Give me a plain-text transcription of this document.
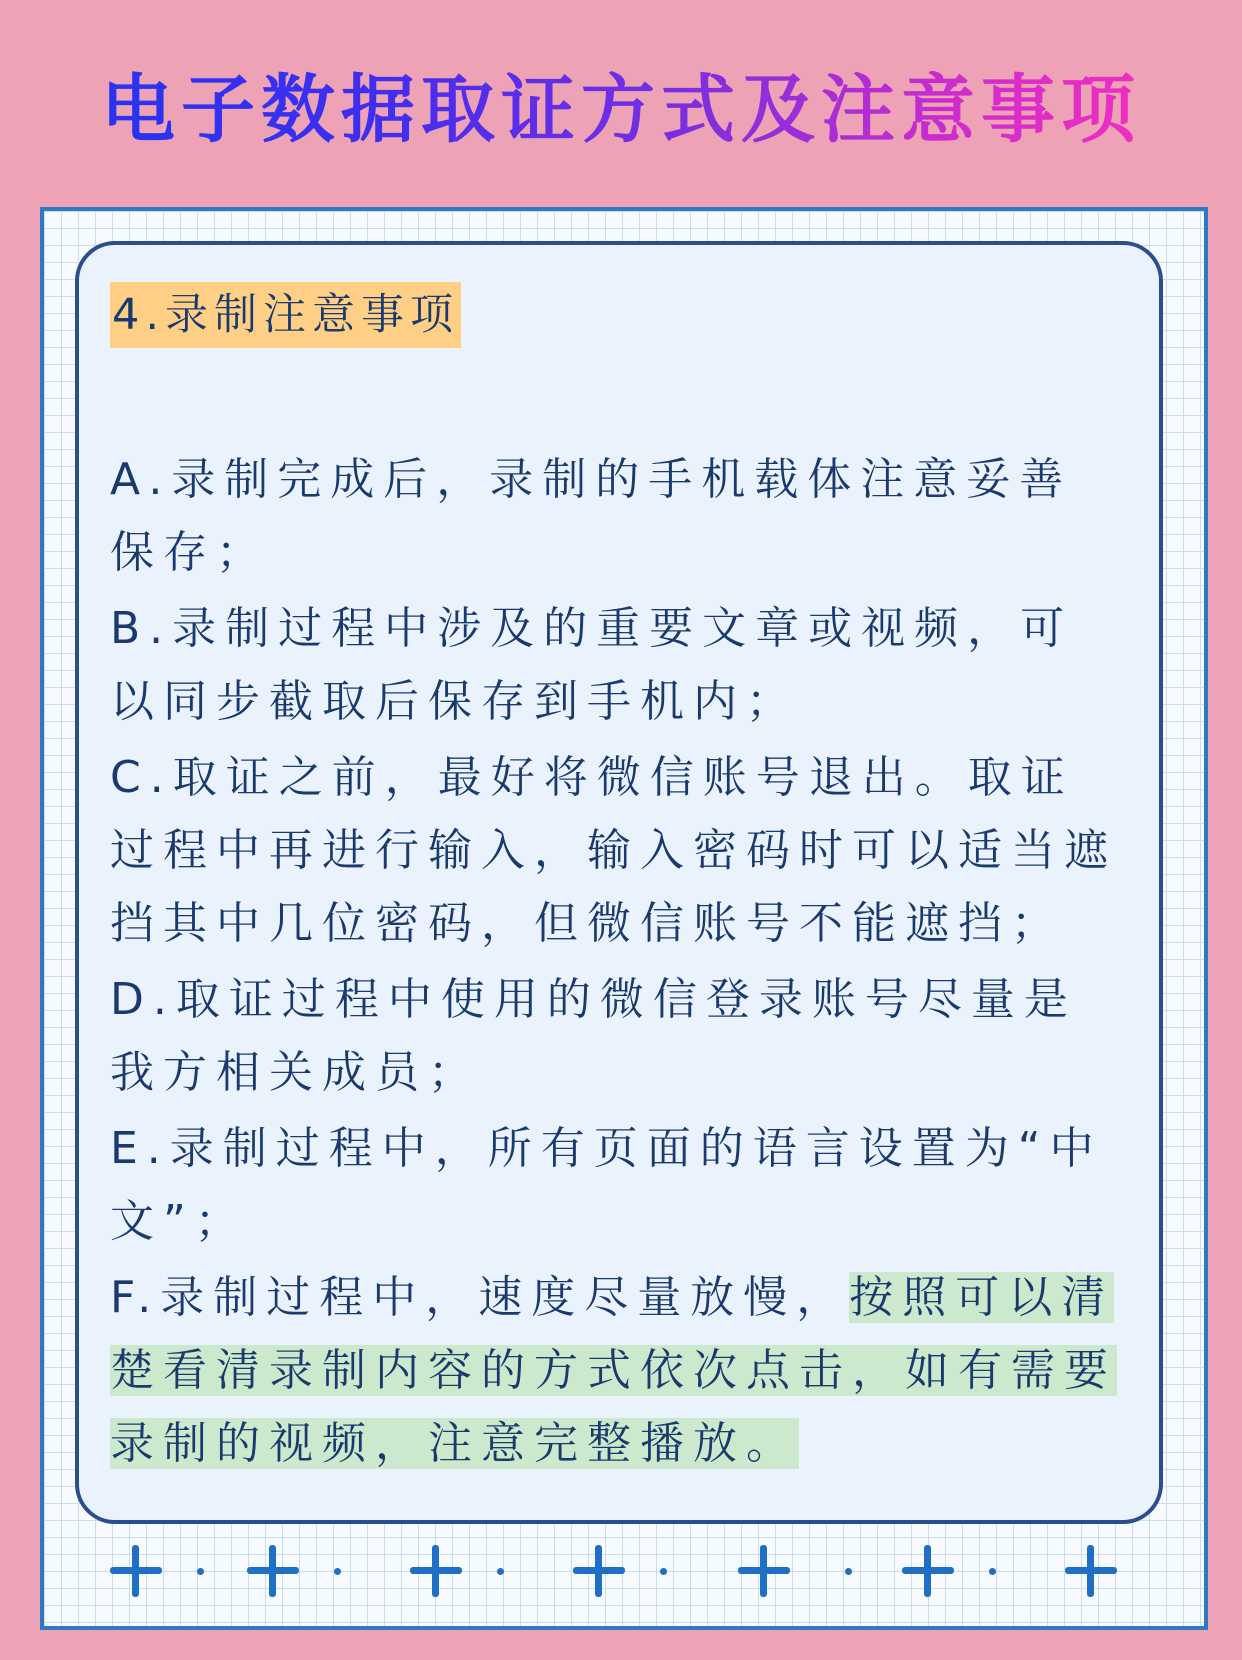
电子数据取证方式及注意事项
4.录制注意事项
A.录制完成后，录制的手机载体注意妥善保存；
B.录制过程中涉及的重要文章或视频，可以同步截取后保存到手机内；
C.取证之前，最好将微信账号退出。取证过程中再进行输入，输入密码时可以适当遮挡其中几位密码，但微信账号不能遮挡；
D.取证过程中使用的微信登录账号尽量是我方相关成员；
E.录制过程中，所有页面的语言设置为“中文”；
F.录制过程中，速度尽量放慢，按照可以清楚看清录制内容的方式依次点击，如有需要录制的视频，注意完整播放。
